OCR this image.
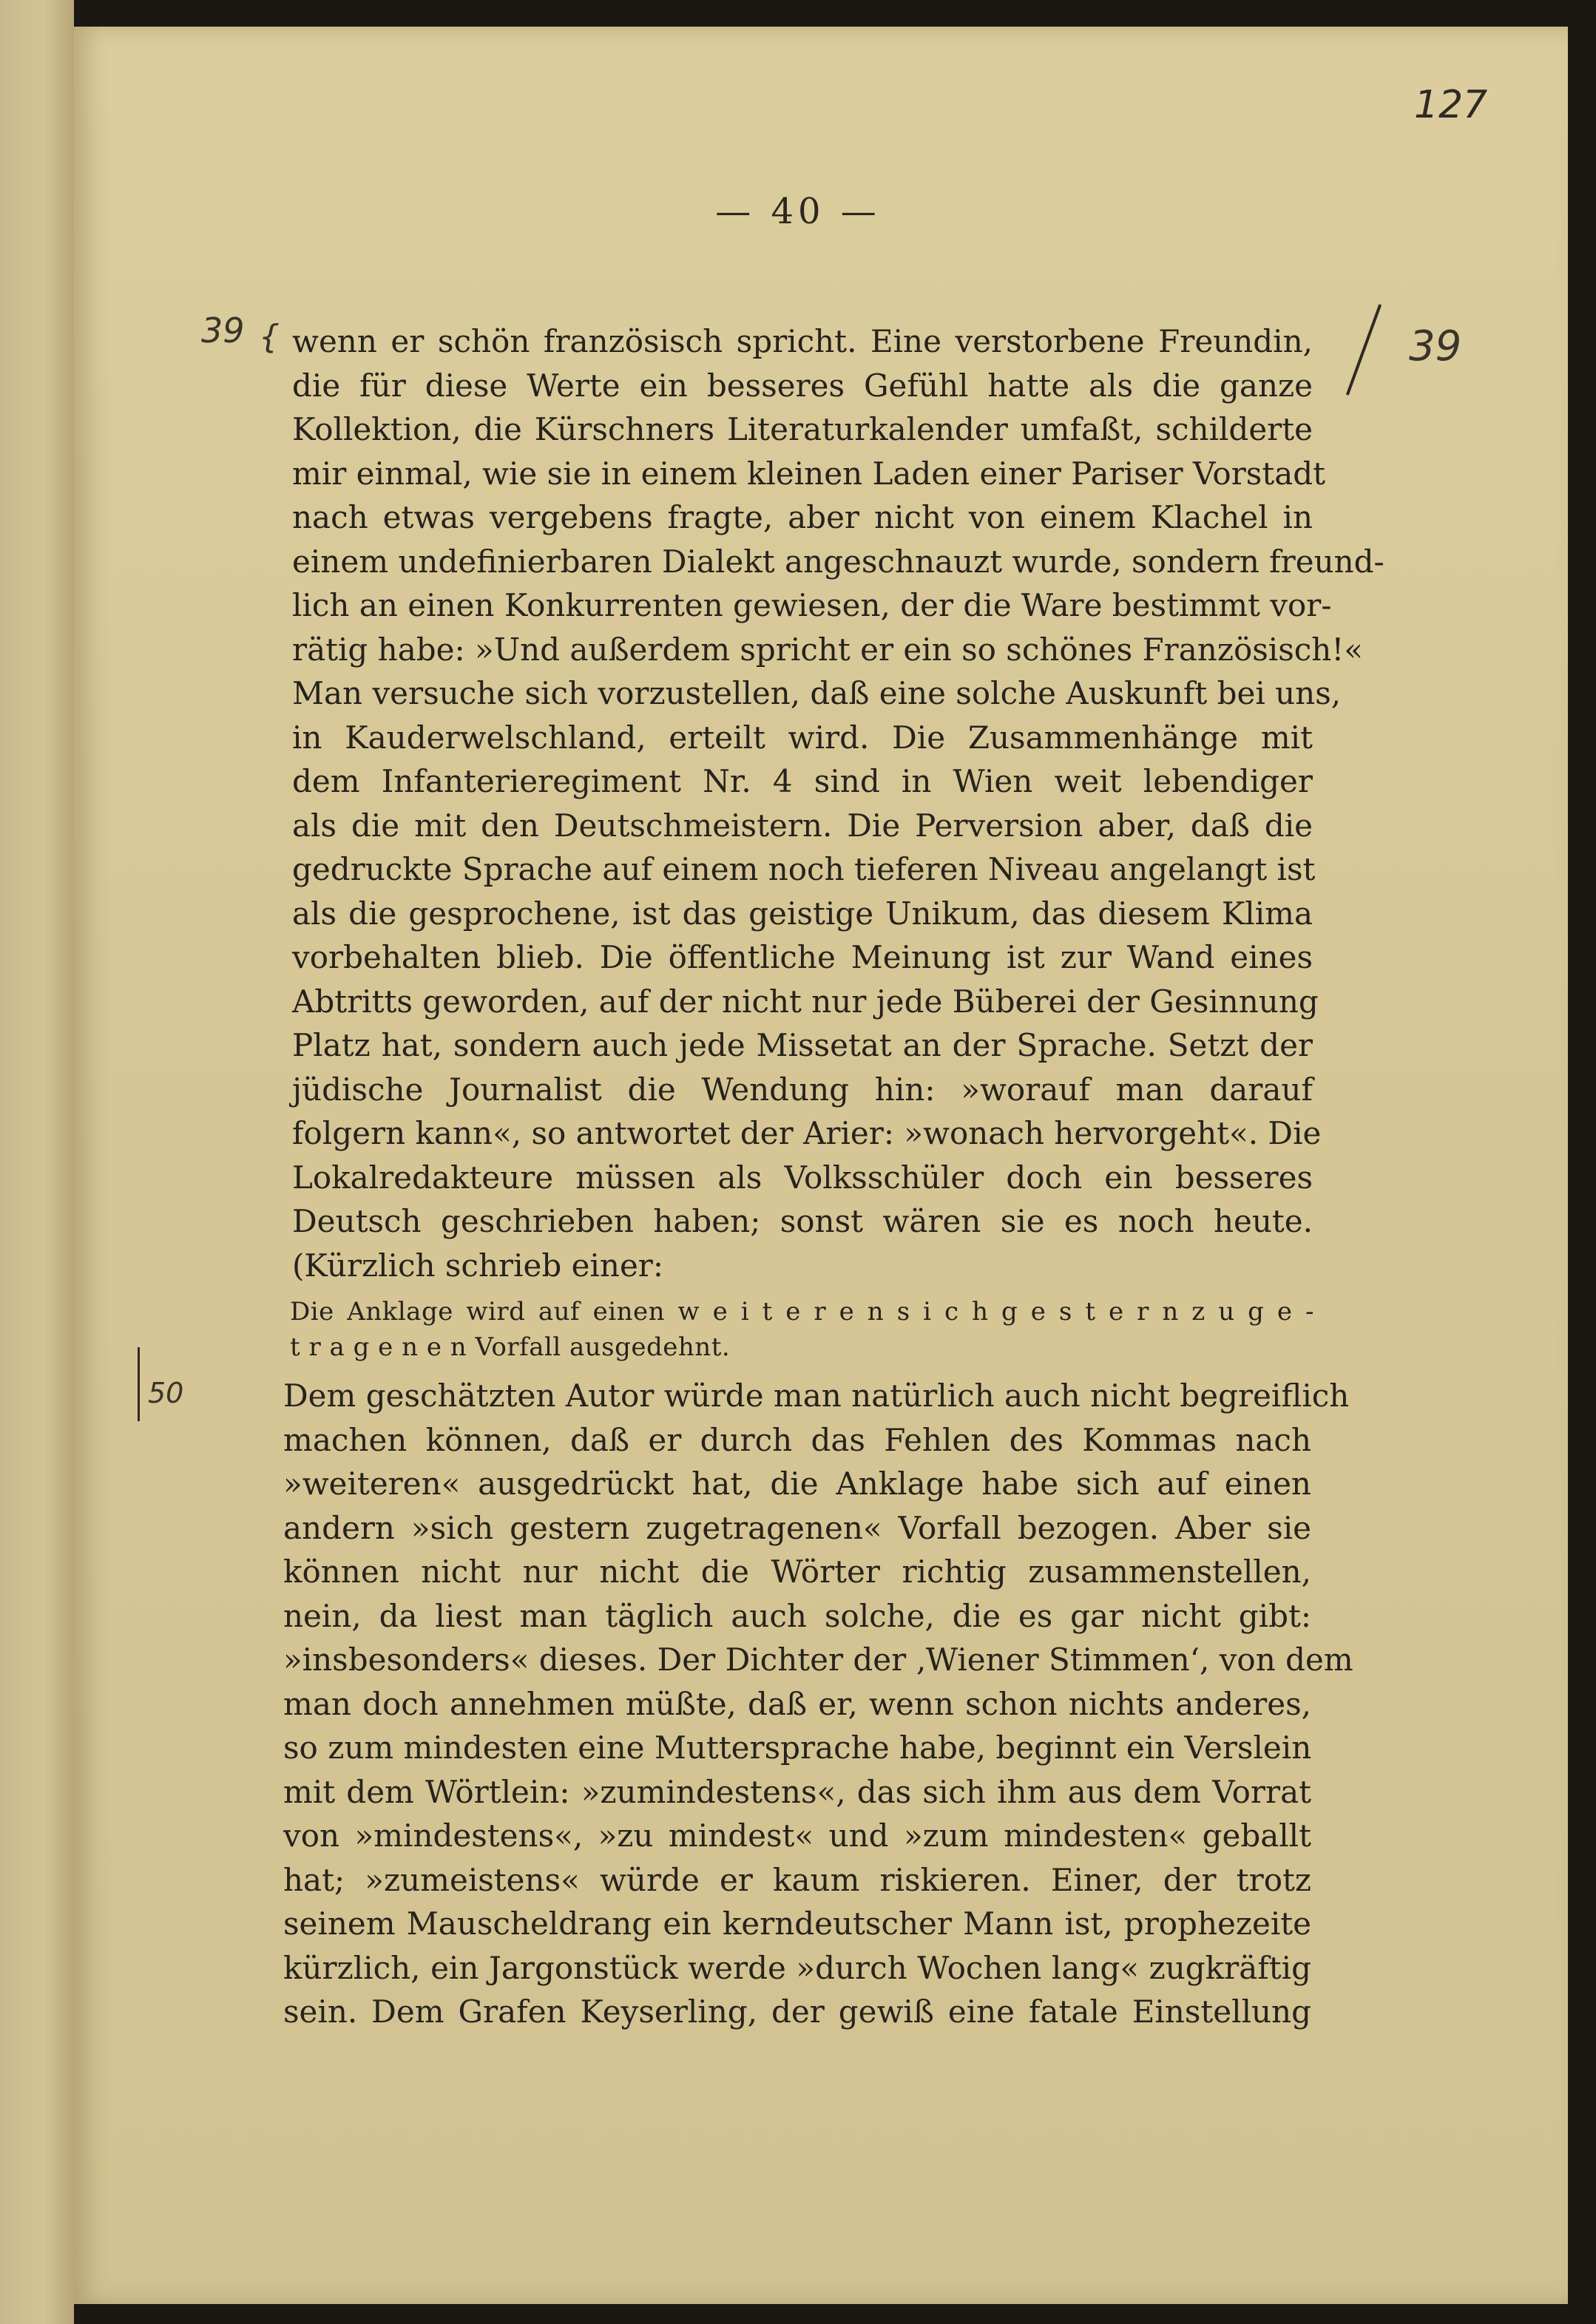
127
— 40 —
39 {	39
50
wenn er schön französisch spricht. Eine verstorbene Freundin,
die für diese Werte ein besseres Gefühl hatte als die ganze
Kollektion, die Kürschners Literaturkalender umfaßt, schilderte
mir einmal, wie sie in einem kleinen Laden einer Pariser Vorstadt
nach etwas vergebens fragte, aber nicht von einem Klachel in
einem undefinierbaren Dialekt angeschnauzt wurde, sondern freund-
lich an einen Konkurrenten gewiesen, der die Ware bestimmt vor-
rätig habe: »Und außerdem spricht er ein so schönes Französisch!«
Man versuche sich vorzustellen, daß eine solche Auskunft bei uns,
in Kauderwelschland, erteilt wird. Die Zusammenhänge mit
dem Infanterieregiment Nr. 4 sind in Wien weit lebendiger
als die mit den Deutschmeistern. Die Perversion aber, daß die
gedruckte Sprache auf einem noch tieferen Niveau angelangt ist
als die gesprochene, ist das geistige Unikum, das diesem Klima
vorbehalten blieb. Die öffentliche Meinung ist zur Wand eines
Abtritts geworden, auf der nicht nur jede Büberei der Gesinnung
Platz hat, sondern auch jede Missetat an der Sprache. Setzt der
jüdische Journalist die Wendung hin: »worauf man darauf
folgern kann«, so antwortet der Arier: »wonach hervorgeht«. Die
Lokalredakteure müssen als Volksschüler doch ein besseres
Deutsch geschrieben haben; sonst wären sie es noch heute.
(Kürzlich schrieb einer:
Die Anklage wird auf einen w e i t e r e n s i c h g e s t e r n z u g e -
t r a g e n e n Vorfall ausgedehnt.
Dem geschätzten Autor würde man natürlich auch nicht begreiflich
machen können, daß er durch das Fehlen des Kommas nach
»weiteren« ausgedrückt hat, die Anklage habe sich auf einen
andern »sich gestern zugetragenen« Vorfall bezogen. Aber sie
können nicht nur nicht die Wörter richtig zusammenstellen,
nein, da liest man täglich auch solche, die es gar nicht gibt:
»insbesonders« dieses. Der Dichter der ‚Wiener Stimmen‘, von dem
man doch annehmen müßte, daß er, wenn schon nichts anderes,
so zum mindesten eine Muttersprache habe, beginnt ein Verslein
mit dem Wörtlein: »zumindestens«, das sich ihm aus dem Vorrat
von »mindestens«, »zu mindest« und »zum mindesten« geballt
hat; »zumeistens« würde er kaum riskieren. Einer, der trotz
seinem Mauscheldrang ein kerndeutscher Mann ist, prophezeite
kürzlich, ein Jargonstück werde »durch Wochen lang« zugkräftig
sein. Dem Grafen Keyserling, der gewiß eine fatale Einstellung
